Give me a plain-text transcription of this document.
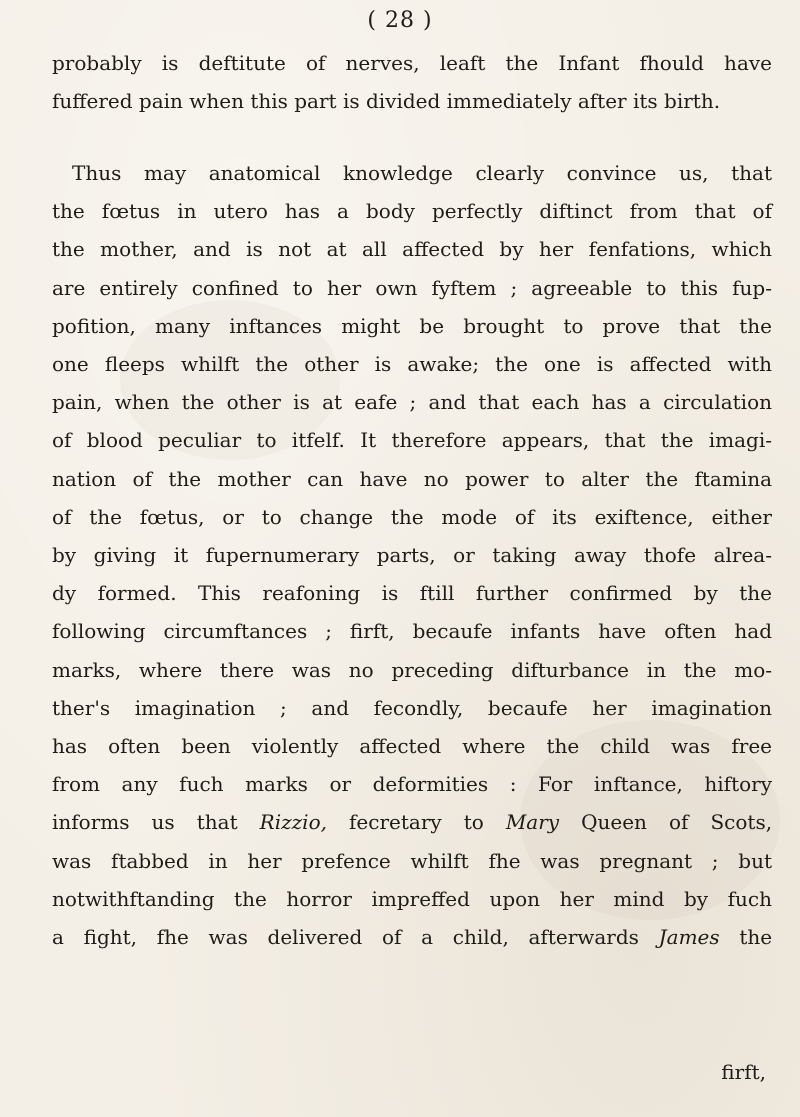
( 28 )
probably is deftitute of nerves, leaft the Infant fhould have
fuffered pain when this part is divided immediately after its birth.
Thus may anatomical knowledge clearly convince us, that
the fœtus in utero has a body perfectly diftinct from that of
the mother, and is not at all affected by her fenfations, which
are entirely confined to her own fyftem ; agreeable to this fup-
pofition, many inftances might be brought to prove that the
one fleeps whilft the other is awake; the one is affected with
pain, when the other is at eafe ; and that each has a circulation
of blood peculiar to itfelf. It therefore appears, that the imagi-
nation of the mother can have no power to alter the ftamina
of the fœtus, or to change the mode of its exiftence, either
by giving it fupernumerary parts, or taking away thofe alrea-
dy formed. This reafoning is ftill further confirmed by the
following circumftances ; firft, becaufe infants have often had
marks, where there was no preceding difturbance in the mo-
ther's imagination ; and fecondly, becaufe her imagination
has often been violently affected where the child was free
from any fuch marks or deformities : For inftance, hiftory
informs us that Rizzio, fecretary to Mary Queen of Scots,
was ftabbed in her prefence whilft fhe was pregnant ; but
notwithftanding the horror impreffed upon her mind by fuch
a fight, fhe was delivered of a child, afterwards James the
firft,
